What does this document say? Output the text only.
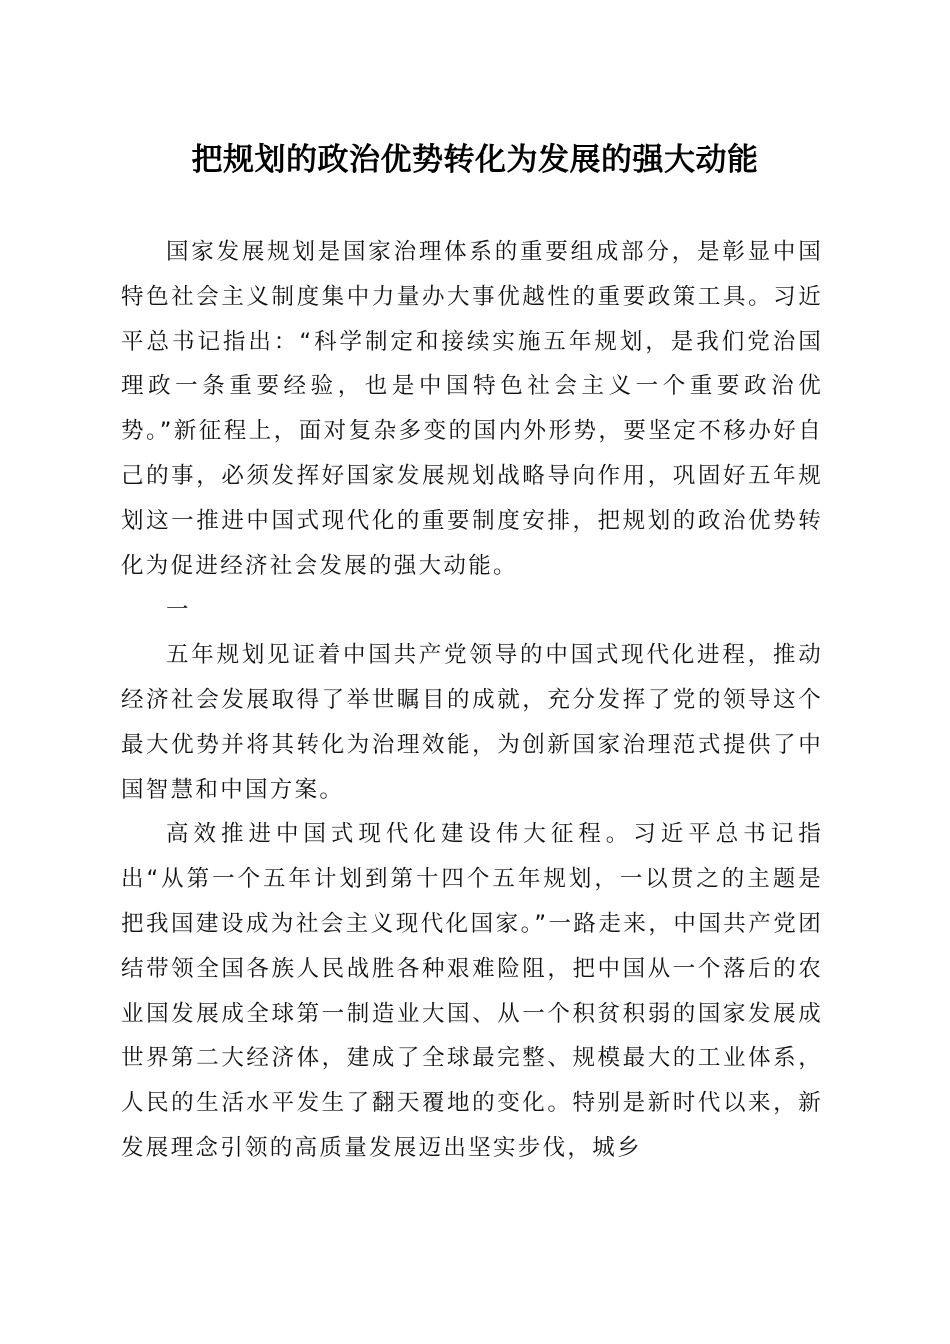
把规划的政治优势转化为发展的强大动能

国家发展规划是国家治理体系的重要组成部分，是彰显中国特色社会主义制度集中力量办大事优越性的重要政策工具。习近平总书记指出：“科学制定和接续实施五年规划，是我们党治国理政一条重要经验，也是中国特色社会主义一个重要政治优势。”新征程上，面对复杂多变的国内外形势，要坚定不移办好自己的事，必须发挥好国家发展规划战略导向作用，巩固好五年规划这一推进中国式现代化的重要制度安排，把规划的政治优势转化为促进经济社会发展的强大动能。

一

五年规划见证着中国共产党领导的中国式现代化进程，推动经济社会发展取得了举世瞩目的成就，充分发挥了党的领导这个最大优势并将其转化为治理效能，为创新国家治理范式提供了中国智慧和中国方案。

高效推进中国式现代化建设伟大征程。习近平总书记指出“从第一个五年计划到第十四个五年规划，一以贯之的主题是把我国建设成为社会主义现代化国家。”一路走来，中国共产党团结带领全国各族人民战胜各种艰难险阻，把中国从一个落后的农业国发展成全球第一制造业大国、从一个积贫积弱的国家发展成世界第二大经济体，建成了全球最完整、规模最大的工业体系，人民的生活水平发生了翻天覆地的变化。特别是新时代以来，新发展理念引领的高质量发展迈出坚实步伐，城乡
